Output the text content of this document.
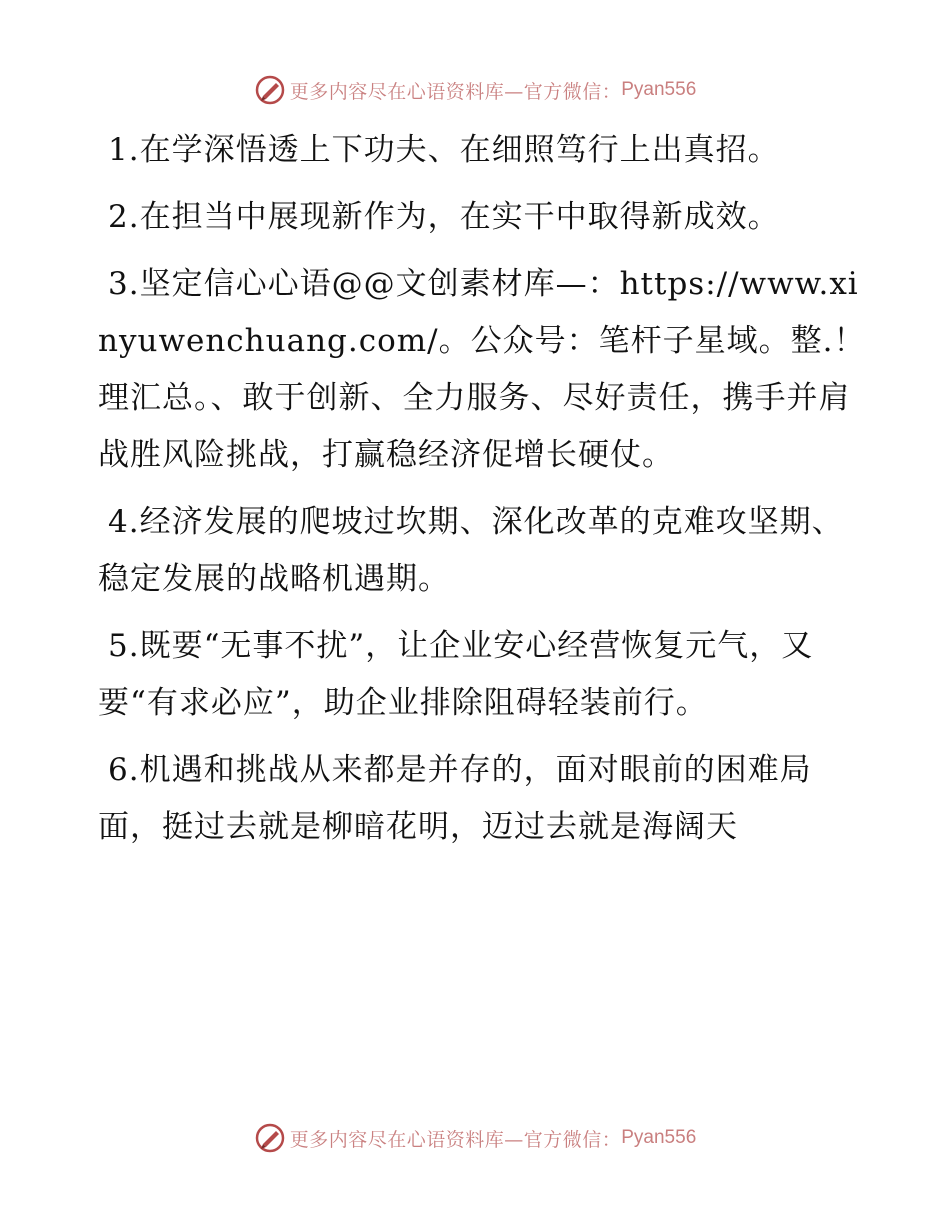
更多内容尽在心语资料库—官方微信： Pyan556

1.在学深悟透上下功夫、在细照笃行上出真招。

2.在担当中展现新作为，在实干中取得新成效。

3.坚定信心心语@@文创素材库—：https://www.xinyuwenchuang.com/。公众号：笔杆子星域。整.！理汇总。、敢于创新、全力服务、尽好责任，携手并肩战胜风险挑战，打赢稳经济促增长硬仗。

4.经济发展的爬坡过坎期、深化改革的克难攻坚期、稳定发展的战略机遇期。

5.既要“无事不扰”，让企业安心经营恢复元气，又要“有求必应”，助企业排除阻碍轻装前行。

6.机遇和挑战从来都是并存的，面对眼前的困难局面，挺过去就是柳暗花明，迈过去就是海阔天

更多内容尽在心语资料库—官方微信： Pyan556
